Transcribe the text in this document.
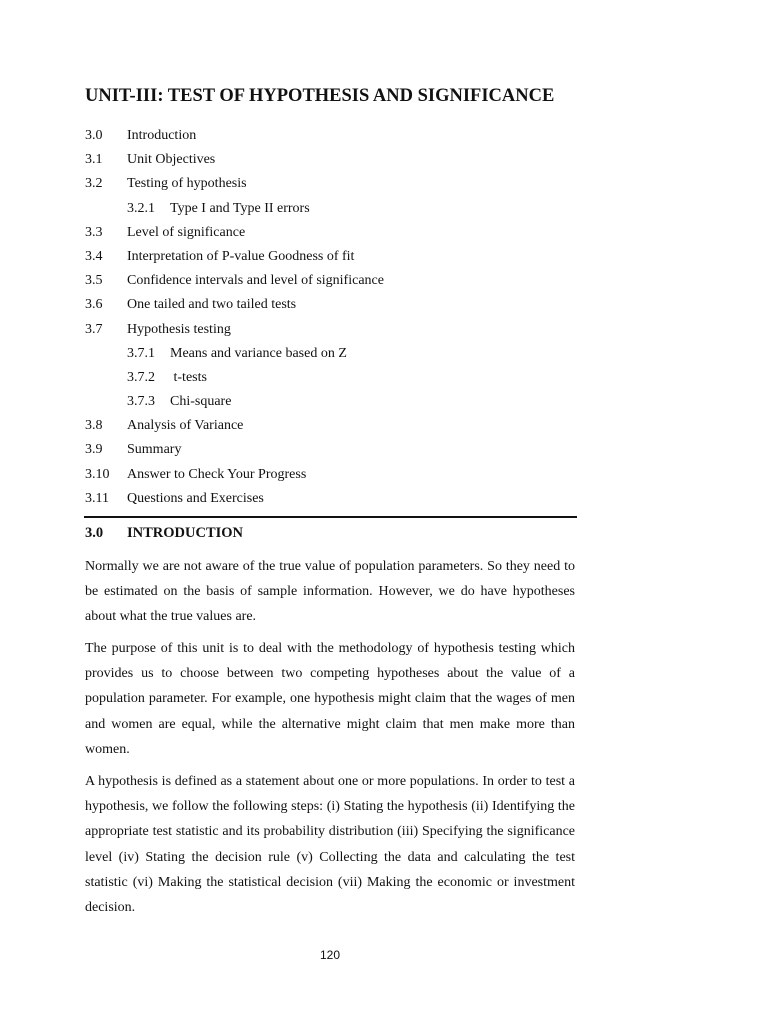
UNIT-III: TEST OF HYPOTHESIS AND SIGNIFICANCE
3.0 Introduction
3.1 Unit Objectives
3.2 Testing of hypothesis
3.2.1 Type I and Type II errors
3.3 Level of significance
3.4 Interpretation of P-value Goodness of fit
3.5 Confidence intervals and level of significance
3.6 One tailed and two tailed tests
3.7 Hypothesis testing
3.7.1 Means and variance based on Z
3.7.2 t-tests
3.7.3 Chi-square
3.8 Analysis of Variance
3.9 Summary
3.10 Answer to Check Your Progress
3.11 Questions and Exercises
3.0 INTRODUCTION

Normally we are not aware of the true value of population parameters. So they need to be estimated on the basis of sample information. However, we do have hypotheses about what the true values are.

The purpose of this unit is to deal with the methodology of hypothesis testing which provides us to choose between two competing hypotheses about the value of a population parameter. For example, one hypothesis might claim that the wages of men and women are equal, while the alternative might claim that men make more than women.

A hypothesis is defined as a statement about one or more populations. In order to test a hypothesis, we follow the following steps: (i) Stating the hypothesis (ii) Identifying the appropriate test statistic and its probability distribution (iii) Specifying the significance level (iv) Stating the decision rule (v) Collecting the data and calculating the test statistic (vi) Making the statistical decision (vii) Making the economic or investment decision.

120
